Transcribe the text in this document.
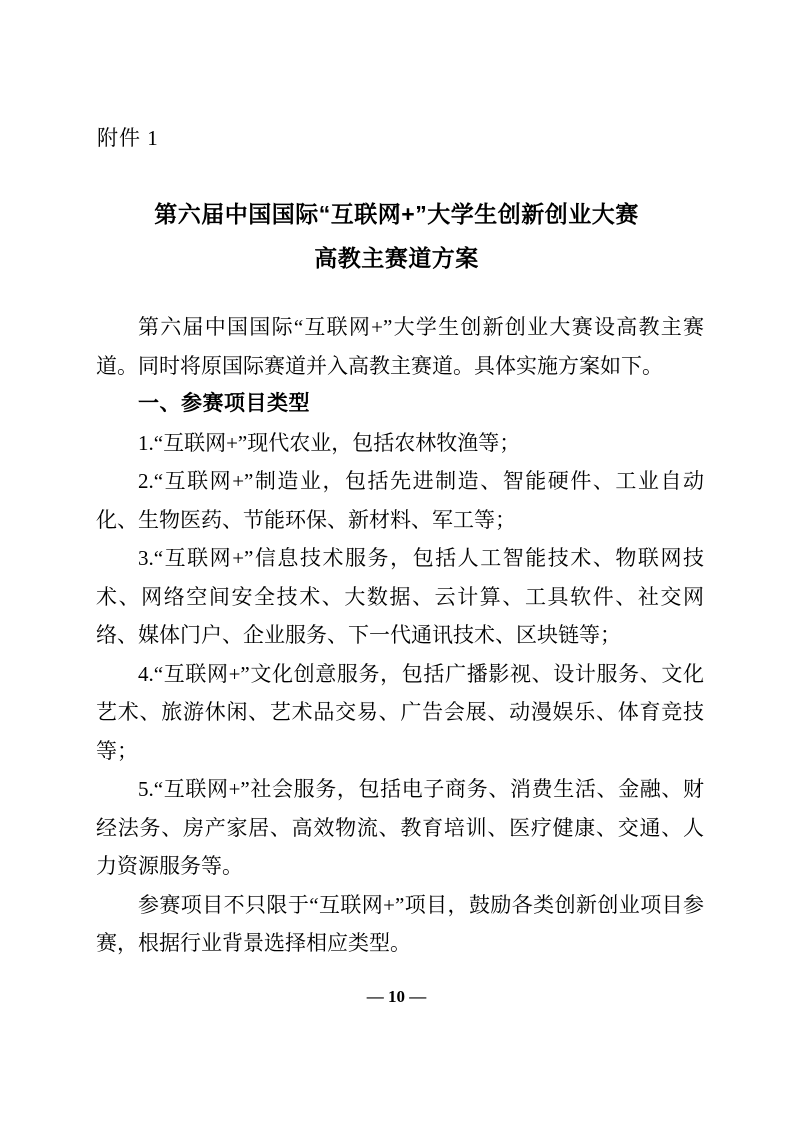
附件 1
第六届中国国际“互联网+”大学生创新创业大赛
高教主赛道方案

第六届中国国际“互联网+”大学生创新创业大赛设高教主赛道。同时将原国际赛道并入高教主赛道。具体实施方案如下。

一、参赛项目类型

1.“互联网+”现代农业，包括农林牧渔等；

2.“互联网+”制造业，包括先进制造、智能硬件、工业自动化、生物医药、节能环保、新材料、军工等；

3.“互联网+”信息技术服务，包括人工智能技术、物联网技术、网络空间安全技术、大数据、云计算、工具软件、社交网络、媒体门户、企业服务、下一代通讯技术、区块链等；

4.“互联网+”文化创意服务，包括广播影视、设计服务、文化艺术、旅游休闲、艺术品交易、广告会展、动漫娱乐、体育竞技等；

5.“互联网+”社会服务，包括电子商务、消费生活、金融、财经法务、房产家居、高效物流、教育培训、医疗健康、交通、人力资源服务等。

参赛项目不只限于“互联网+”项目，鼓励各类创新创业项目参赛，根据行业背景选择相应类型。

— 10 —
